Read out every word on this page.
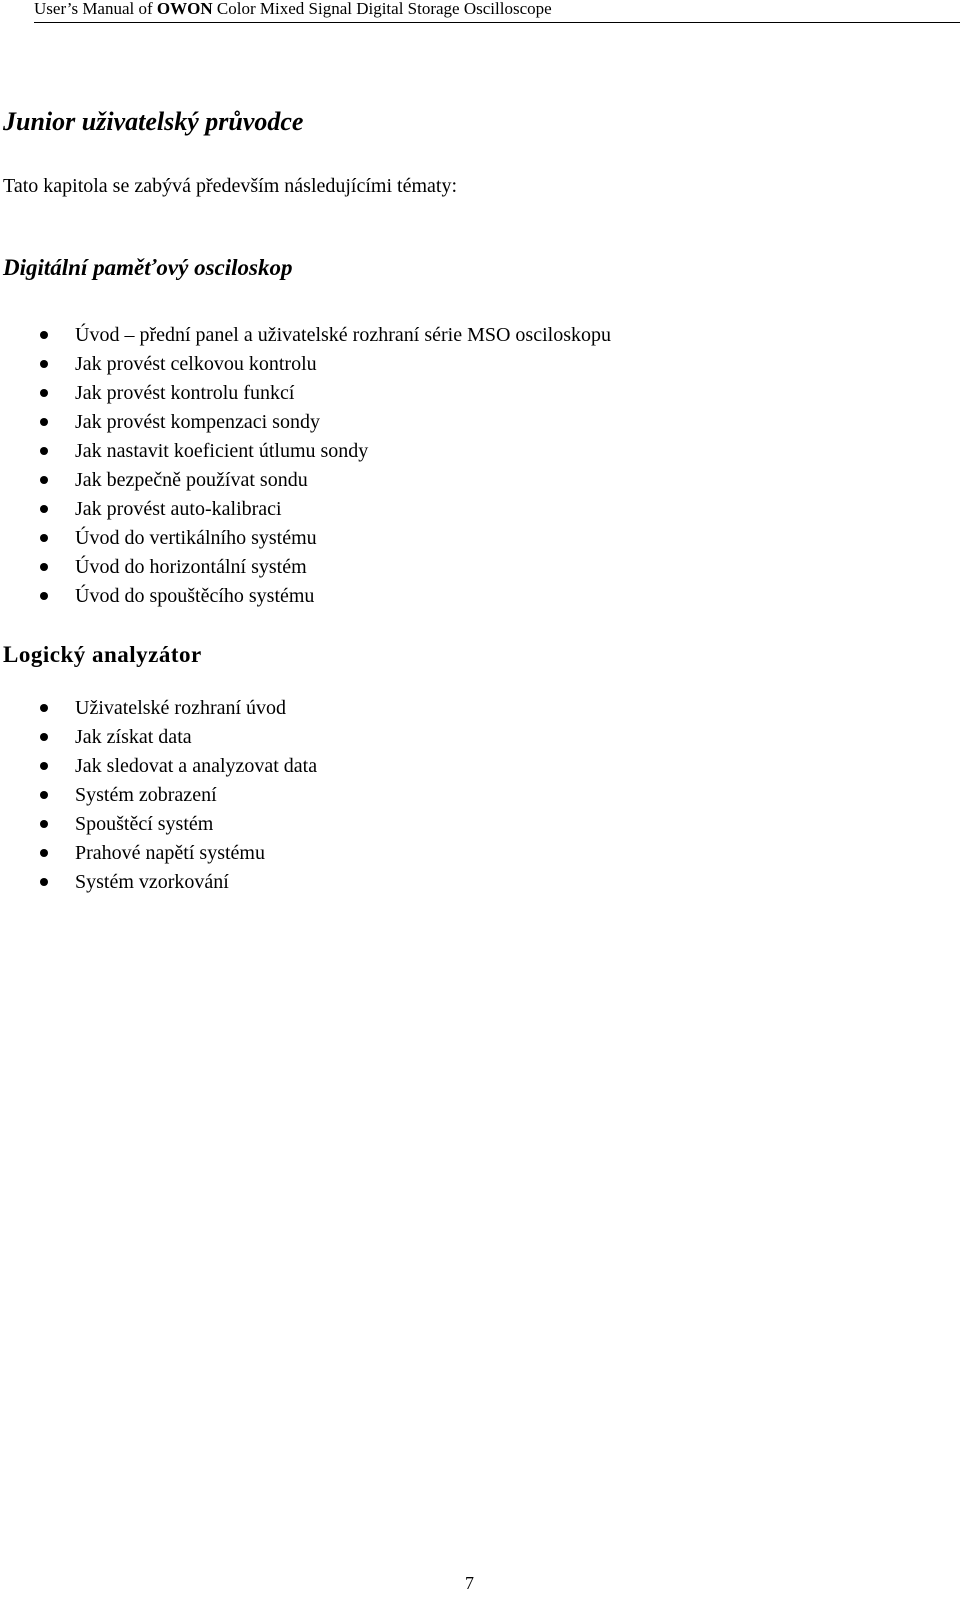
User’s Manual of OWON Color Mixed Signal Digital Storage Oscilloscope
Junior uživatelský průvodce

Tato kapitola se zabývá především následujícími tématy:

Digitální paměťový osciloskop
Úvod – přední panel a uživatelské rozhraní série MSO osciloskopu
Jak provést celkovou kontrolu
Jak provést kontrolu funkcí
Jak provést kompenzaci sondy
Jak nastavit koeficient útlumu sondy
Jak bezpečně používat sondu
Jak provést auto-kalibraci
Úvod do vertikálního systému
Úvod do horizontální systém
Úvod do spouštěcího systému
Logický analyzátor
Uživatelské rozhraní úvod
Jak získat data
Jak sledovat a analyzovat data
Systém zobrazení
Spouštěcí systém
Prahové napětí systému
Systém vzorkování
7
